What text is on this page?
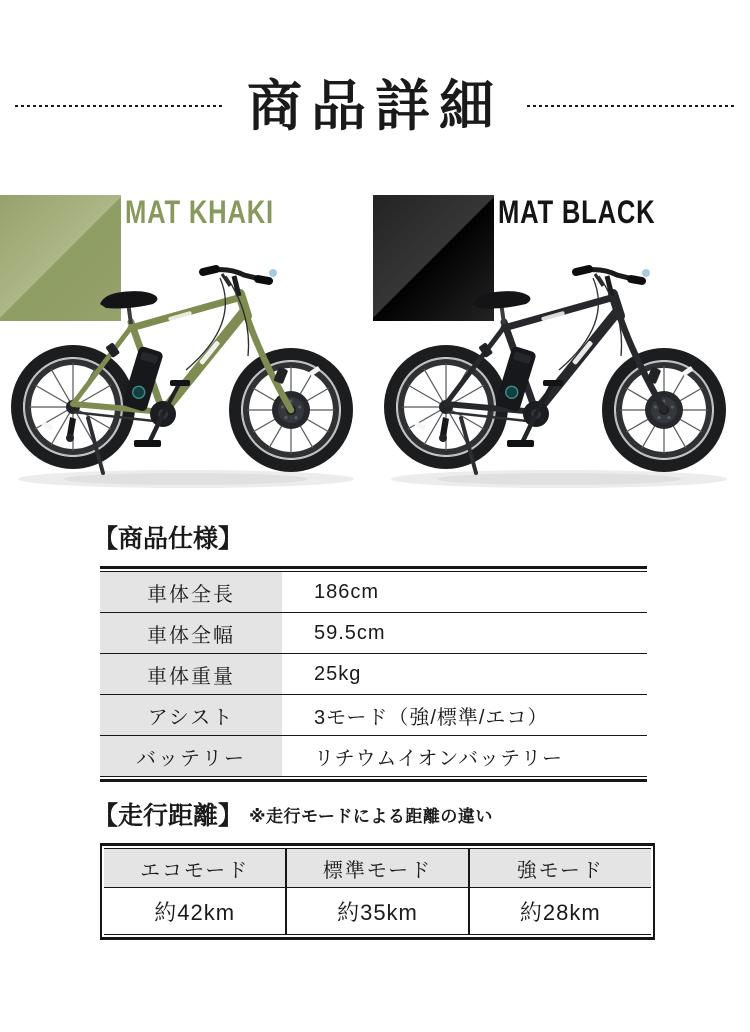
商品詳細
MAT KHAKI	MAT BLACK
【商品仕様】
車体全長	186cm
車体全幅	59.5cm
車体重量	25kg
アシスト	3モード（強/標準/エコ）
バッテリー	リチウムイオンバッテリー
【走行距離】 ※走行モードによる距離の違い
エコモード	標準モード	強モード
約42km	約35km	約28km
